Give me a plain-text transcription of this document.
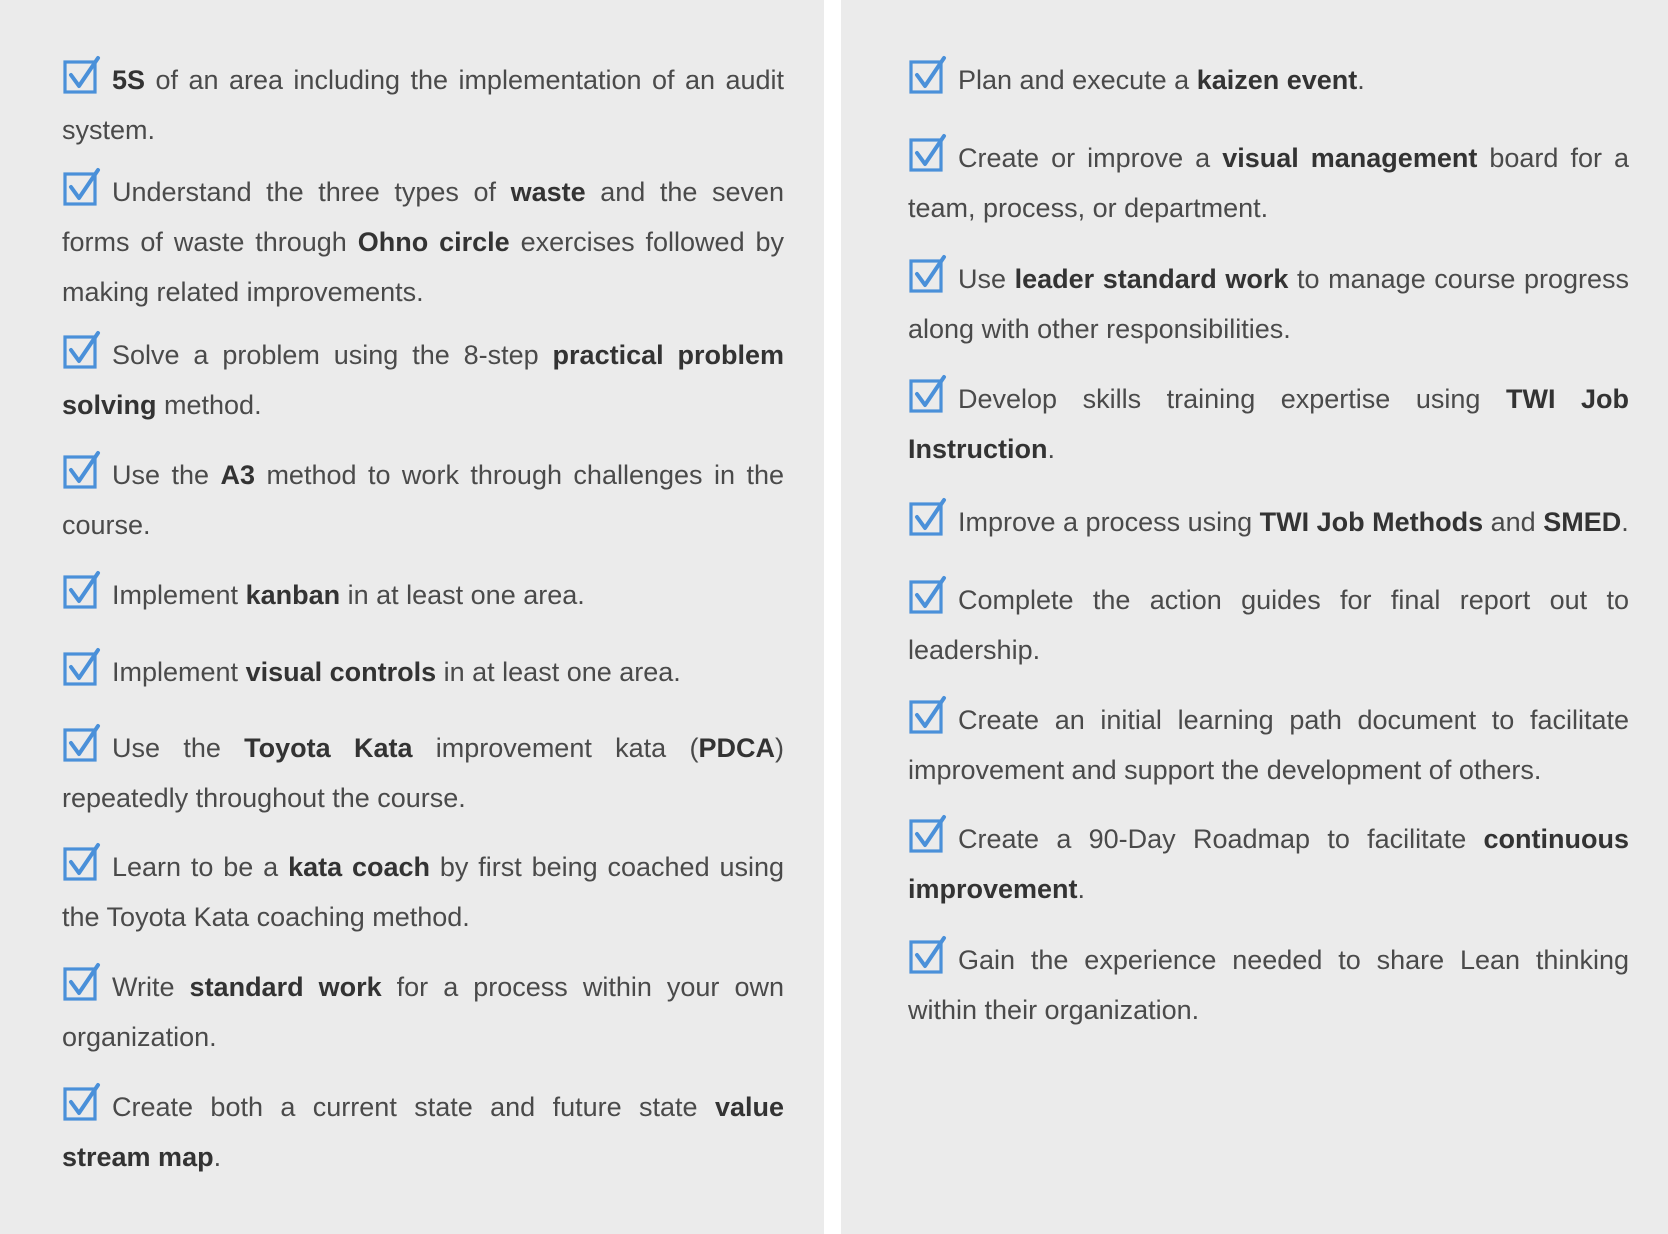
5S of an area including the implementation of an audit system.
Understand the three types of waste and the seven forms of waste through Ohno circle exercises followed by making related improvements.
Solve a problem using the 8-step practical problem solving method.
Use the A3 method to work through challenges in the course.
Implement kanban in at least one area.
Implement visual controls in at least one area.
Use the Toyota Kata improvement kata (PDCA) repeatedly throughout the course.
Learn to be a kata coach by first being coached using the Toyota Kata coaching method.
Write standard work for a process within your own organization.
Create both a current state and future state value stream map.
Plan and execute a kaizen event.
Create or improve a visual management board for a team, process, or department.
Use leader standard work to manage course progress along with other responsibilities.
Develop skills training expertise using TWI Job Instruction.
Improve a process using TWI Job Methods and SMED.
Complete the action guides for final report out to leadership.
Create an initial learning path document to facilitate improvement and support the development of others.
Create a 90-Day Roadmap to facilitate continuous improvement.
Gain the experience needed to share Lean thinking within their organization.
